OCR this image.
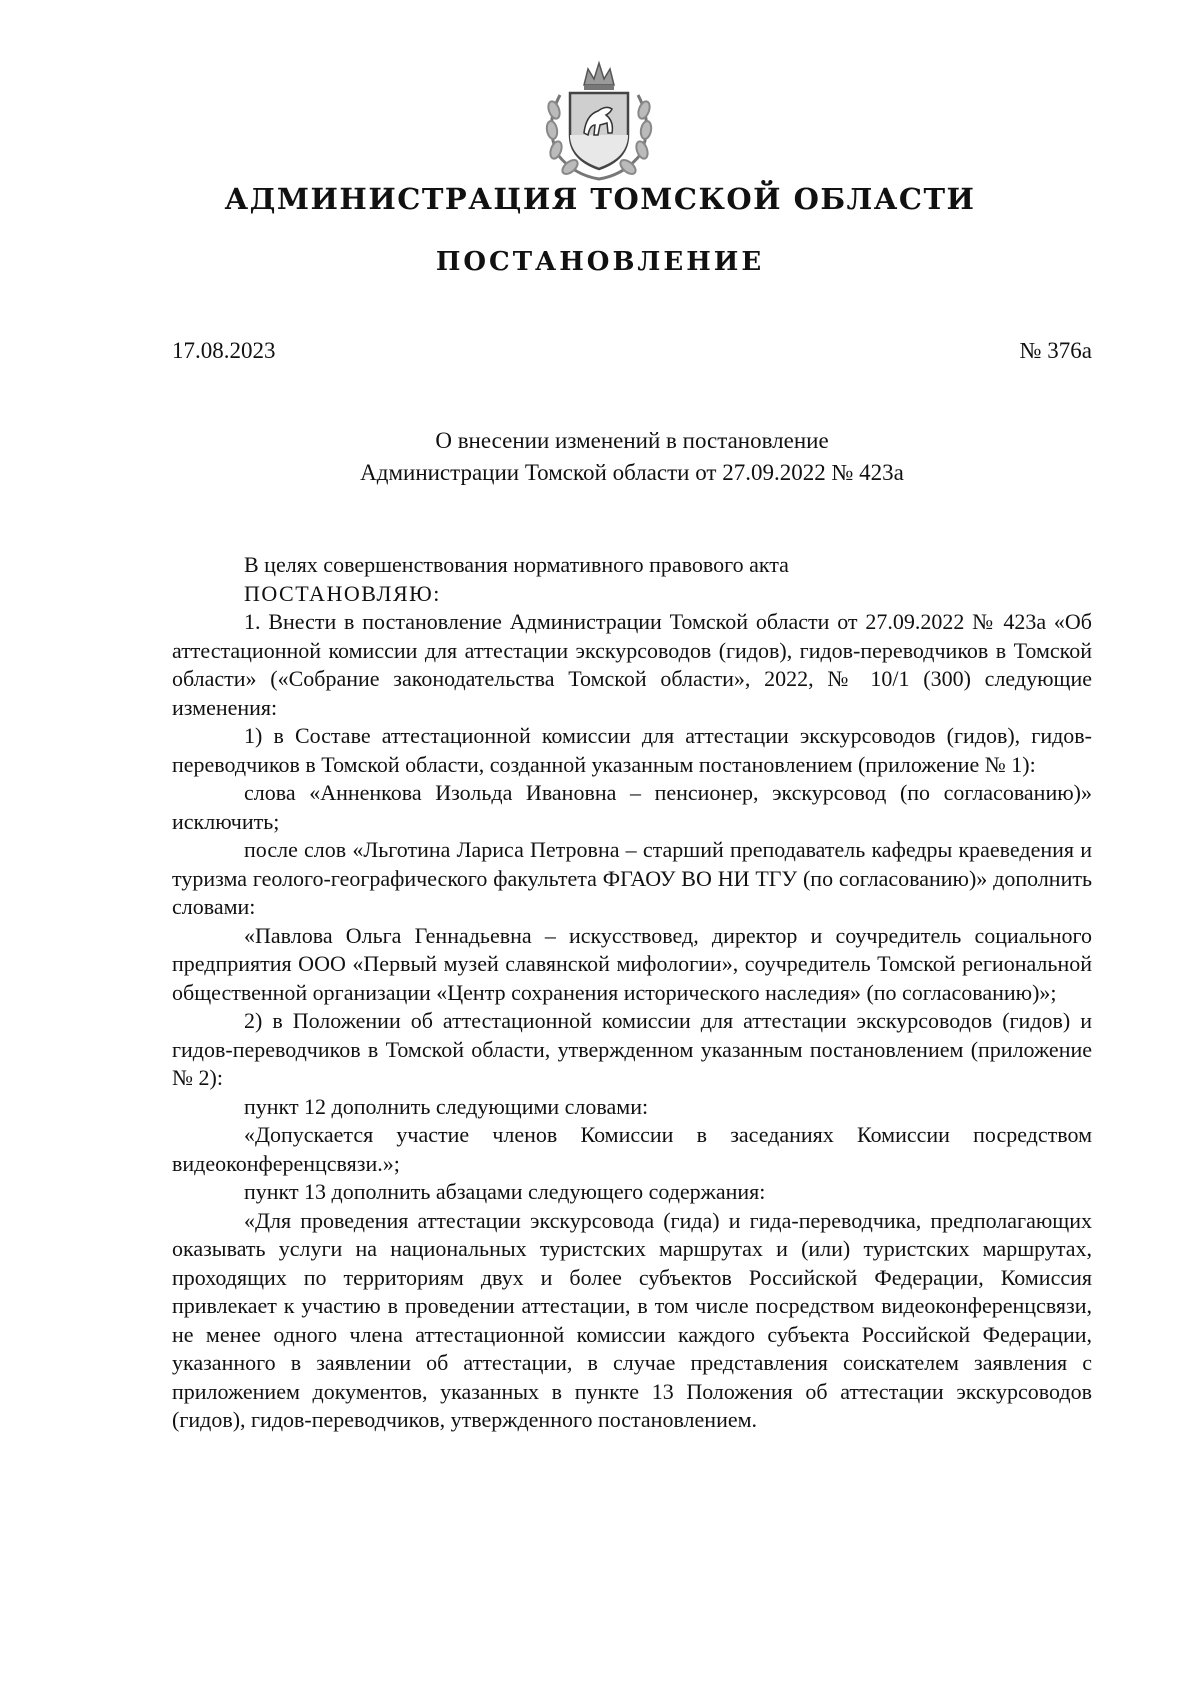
АДМИНИСТРАЦИЯ ТОМСКОЙ ОБЛАСТИ
ПОСТАНОВЛЕНИЕ
17.08.2023	№ 376а
О внесении изменений в постановление
Администрации Томской области от 27.09.2022 № 423а

В целях совершенствования нормативного правового акта

ПОСТАНОВЛЯЮ:

1. Внести в постановление Администрации Томской области от 27.09.2022 № 423а «Об аттестационной комиссии для аттестации экскурсоводов (гидов), гидов-переводчиков в Томской области» («Собрание законодательства Томской области», 2022, № 10/1 (300) следующие изменения:

1) в Составе аттестационной комиссии для аттестации экскурсоводов (гидов), гидов-переводчиков в Томской области, созданной указанным постановлением (приложение № 1):

слова «Анненкова Изольда Ивановна – пенсионер, экскурсовод (по согласованию)» исключить;

после слов «Льготина Лариса Петровна – старший преподаватель кафедры краеведения и туризма геолого-географического факультета ФГАОУ ВО НИ ТГУ (по согласованию)» дополнить словами:

«Павлова Ольга Геннадьевна – искусствовед, директор и соучредитель социального предприятия ООО «Первый музей славянской мифологии», соучредитель Томской региональной общественной организации «Центр сохранения исторического наследия» (по согласованию)»;

2) в Положении об аттестационной комиссии для аттестации экскурсоводов (гидов) и гидов-переводчиков в Томской области, утвержденном указанным постановлением (приложение № 2):

пункт 12 дополнить следующими словами:

«Допускается участие членов Комиссии в заседаниях Комиссии посредством видеоконференцсвязи.»;

пункт 13 дополнить абзацами следующего содержания:

«Для проведения аттестации экскурсовода (гида) и гида-переводчика, предполагающих оказывать услуги на национальных туристских маршрутах и (или) туристских маршрутах, проходящих по территориям двух и более субъектов Российской Федерации, Комиссия привлекает к участию в проведении аттестации, в том числе посредством видеоконференцсвязи, не менее одного члена аттестационной комиссии каждого субъекта Российской Федерации, указанного в заявлении об аттестации, в случае представления соискателем заявления с приложением документов, указанных в пункте 13 Положения об аттестации экскурсоводов (гидов), гидов-переводчиков, утвержденного постановлением.
